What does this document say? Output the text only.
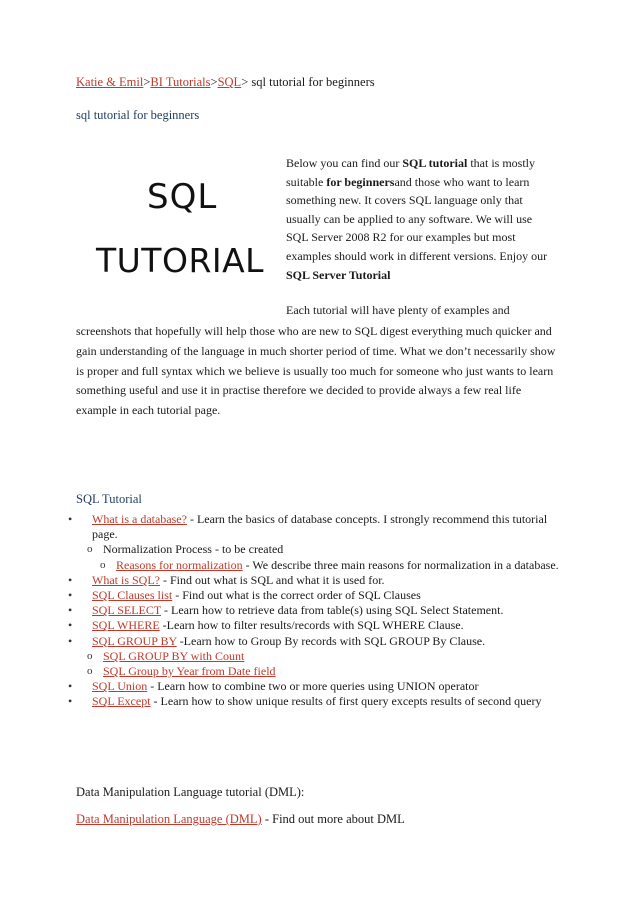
Katie & Emil>BI Tutorials>SQL> sql tutorial for beginners
sql tutorial for beginners
SQL
TUTORIAL
Below you can find our SQL tutorial that is mostly suitable for beginnersand those who want to learn something new. It covers SQL language only that usually can be applied to any software. We will use SQL Server 2008 R2 for our examples but most examples should work in different versions. Enjoy our SQL Server Tutorial
Each tutorial will have plenty of examples and
screenshots that hopefully will help those who are new to SQL digest everything much quicker and gain understanding of the language in much shorter period of time. What we don’t necessarily show is proper and full syntax which we believe is usually too much for someone who just wants to learn something useful and use it in practise therefore we decided to provide always a few real life example in each tutorial page.
SQL Tutorial
• What is a database? - Learn the basics of database concepts. I strongly recommend this tutorial page.
o Normalization Process - to be created
o Reasons for normalization - We describe three main reasons for normalization in a database.
• What is SQL? - Find out what is SQL and what it is used for.
• SQL Clauses list - Find out what is the correct order of SQL Clauses
• SQL SELECT - Learn how to retrieve data from table(s) using SQL Select Statement.
• SQL WHERE -Learn how to filter results/records with SQL WHERE Clause.
• SQL GROUP BY -Learn how to Group By records with SQL GROUP By Clause.
o SQL GROUP BY with Count
o SQL Group by Year from Date field
• SQL Union - Learn how to combine two or more queries using UNION operator
• SQL Except - Learn how to show unique results of first query excepts results of second query
Data Manipulation Language tutorial (DML):
Data Manipulation Language (DML) - Find out more about DML
